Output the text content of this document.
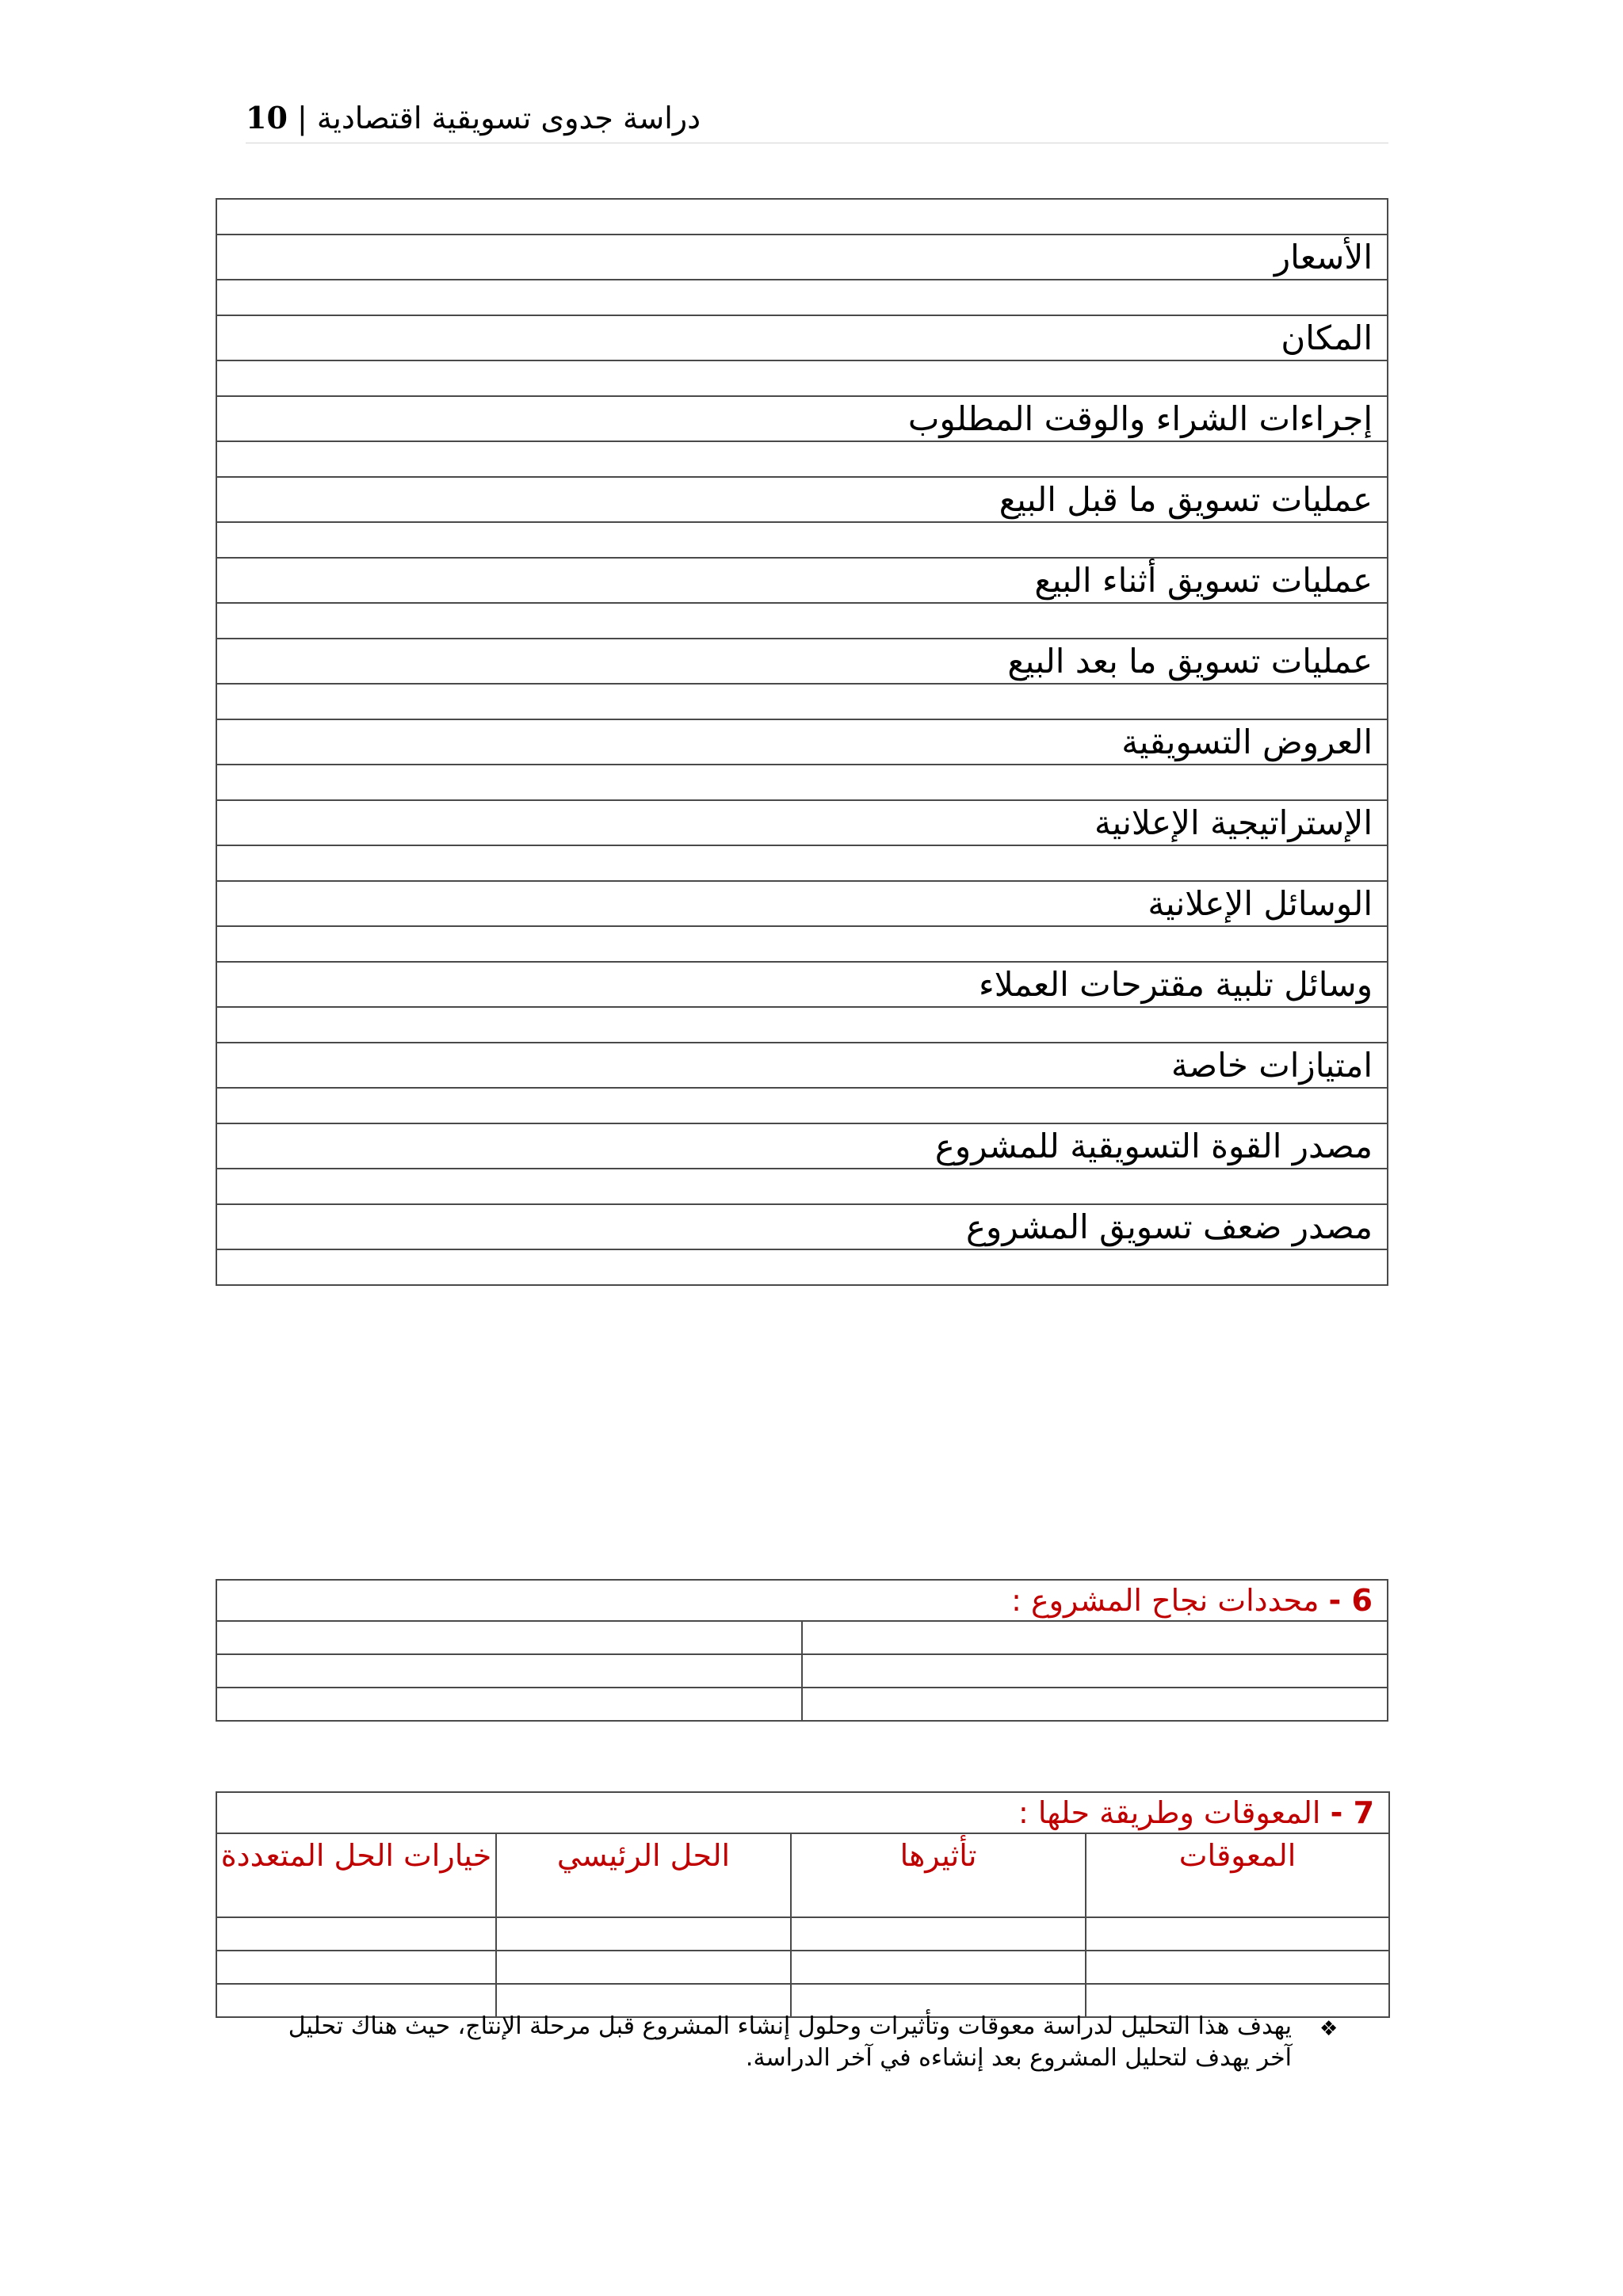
10 | دراسة جدوى تسويقية اقتصادية

الأسعار

المكان

إجراءات الشراء والوقت المطلوب

عمليات تسويق ما قبل البيع

عمليات تسويق أثناء البيع

عمليات تسويق ما بعد البيع

العروض التسويقية

الإستراتيجية الإعلانية

الوسائل الإعلانية

وسائل تلبية مقترحات العملاء

امتيازات خاصة

مصدر القوة التسويقية للمشروع

مصدر ضعف تسويق المشروع

6 - محددات نجاح المشروع :	

7 - المعوقات وطريقة حلها :			
خيارات الحل المتعددة	الحل الرئيسي	تأثيرها	المعوقات

❖
يهدف هذا التحليل لدراسة معوقات وتأثيرات وحلول إنشاء المشروع قبل مرحلة الإنتاج، حيث هناك تحليل آخر يهدف لتحليل المشروع بعد إنشاءه في آخر الدراسة.
